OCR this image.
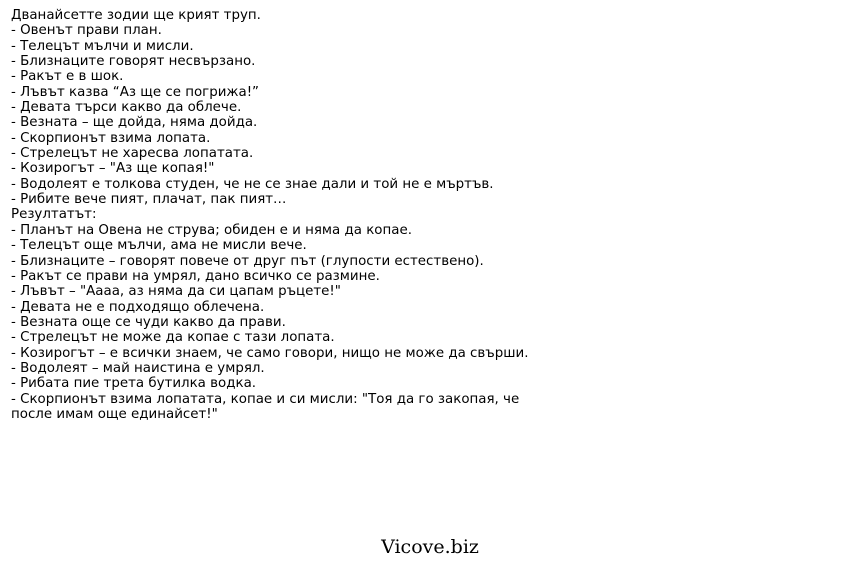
Дванайсетте зодии ще крият труп.
- Овенът прави план.
- Телецът мълчи и мисли.
- Близнаците говорят несвързано.
- Ракът е в шок.
- Лъвът казва “Аз ще се погрижа!”
- Девата търси какво да облече.
- Везната – ще дойда, няма дойда.
- Скорпионът взима лопата.
- Стрелецът не харесва лопатата.
- Козирогът – "Аз ще копая!"
- Водолеят е толкова студен, че не се знае дали и той не е мъртъв.
- Рибите вече пият, плачат, пак пият…
Резултатът:
- Планът на Овена не струва; обиден е и няма да копае.
- Телецът още мълчи, ама не мисли вече.
- Близнаците – говорят повече от друг път (глупости естествено).
- Ракът се прави на умрял, дано всичко се размине.
- Лъвът – "Аааа, аз няма да си цапам ръцете!"
- Девата не е подходящо облечена.
- Везната още се чуди какво да прави.
- Стрелецът не може да копае с тази лопата.
- Козирогът – е всички знаем, че само говори, нищо не може да свърши.
- Водолеят – май наистина е умрял.
- Рибата пие трета бутилка водка.
- Скорпионът взима лопатата, копае и си мисли: "Тоя да го закопая, че
после имам още единайсет!"
Vicove.biz
